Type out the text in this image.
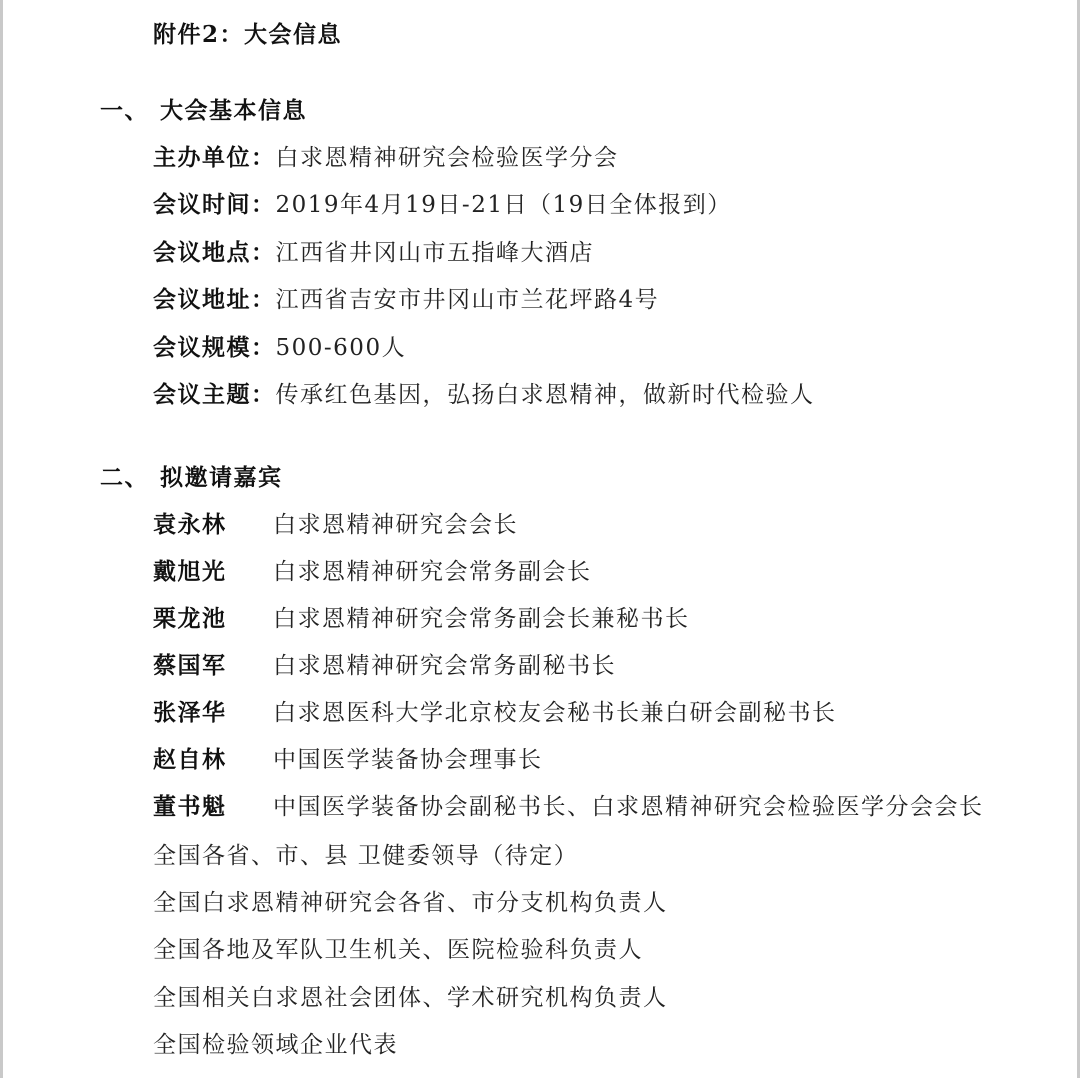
附件2：大会信息
一、 大会基本信息
主办单位：白求恩精神研究会检验医学分会
会议时间：2019年4月19日-21日（19日全体报到）
会议地点：江西省井冈山市五指峰大酒店
会议地址：江西省吉安市井冈山市兰花坪路4号
会议规模：500-600人
会议主题：传承红色基因，弘扬白求恩精神，做新时代检验人
二、 拟邀请嘉宾
袁永林 白求恩精神研究会会长
戴旭光 白求恩精神研究会常务副会长
栗龙池 白求恩精神研究会常务副会长兼秘书长
蔡国军 白求恩精神研究会常务副秘书长
张泽华 白求恩医科大学北京校友会秘书长兼白研会副秘书长
赵自林 中国医学装备协会理事长
董书魁 中国医学装备协会副秘书长、白求恩精神研究会检验医学分会会长
全国各省、市、县 卫健委领导（待定）
全国白求恩精神研究会各省、市分支机构负责人
全国各地及军队卫生机关、医院检验科负责人
全国相关白求恩社会团体、学术研究机构负责人
全国检验领域企业代表
